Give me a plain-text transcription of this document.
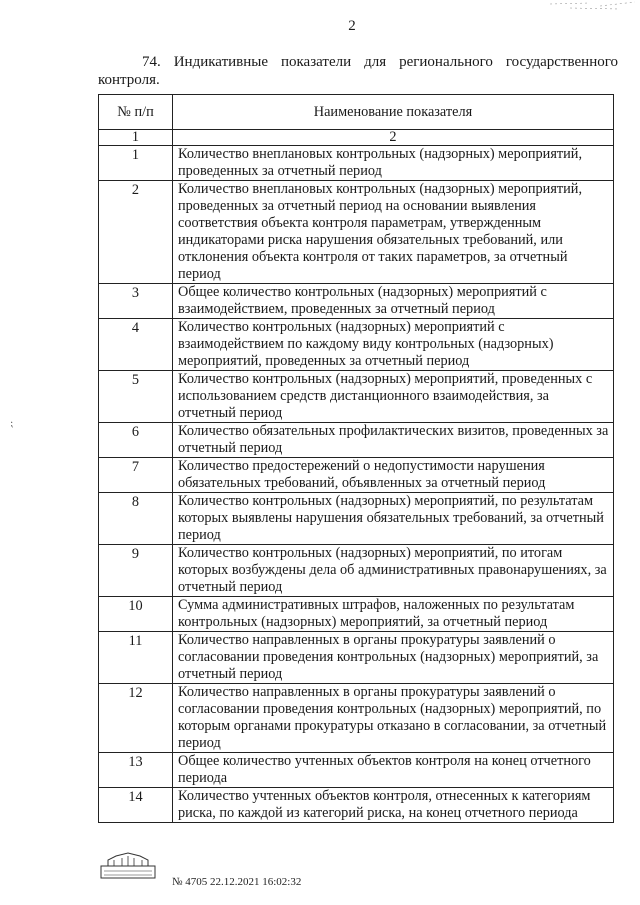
2
74. Индикативные показатели для регионального государственного контроля.
⁏
№ п/п	Наименование показателя
1	2
1	Количество внеплановых контрольных (надзорных) мероприятий, проведенных за отчетный период
2	Количество внеплановых контрольных (надзорных) мероприятий, проведенных за отчетный период на основании выявления соответствия объекта контроля параметрам, утвержденным индикаторами риска нарушения обязательных требований, или отклонения объекта контроля от таких параметров, за отчетный период
3	Общее количество контрольных (надзорных) мероприятий с взаимодействием, проведенных за отчетный период
4	Количество контрольных (надзорных) мероприятий с взаимодействием по каждому виду контрольных (надзорных) мероприятий, проведенных за отчетный период
5	Количество контрольных (надзорных) мероприятий, проведенных с использованием средств дистанционного взаимодействия, за отчетный период
6	Количество обязательных профилактических визитов, проведенных за отчетный период
7	Количество предостережений о недопустимости нарушения обязательных требований, объявленных за отчетный период
8	Количество контрольных (надзорных) мероприятий, по результатам которых выявлены нарушения обязательных требований, за отчетный период
9	Количество контрольных (надзорных) мероприятий, по итогам которых возбуждены дела об административных правонарушениях, за отчетный период
10	Сумма административных штрафов, наложенных по результатам контрольных (надзорных) мероприятий, за отчетный период
11	Количество направленных в органы прокуратуры заявлений о согласовании проведения контрольных (надзорных) мероприятий, за отчетный период
12	Количество направленных в органы прокуратуры заявлений о согласовании проведения контрольных (надзорных) мероприятий, по которым органами прокуратуры отказано в согласовании, за отчетный период
13	Общее количество учтенных объектов контроля на конец отчетного периода
14	Количество учтенных объектов контроля, отнесенных к категориям риска, по каждой из категорий риска, на конец отчетного периода
№ 4705 22.12.2021 16:02:32
